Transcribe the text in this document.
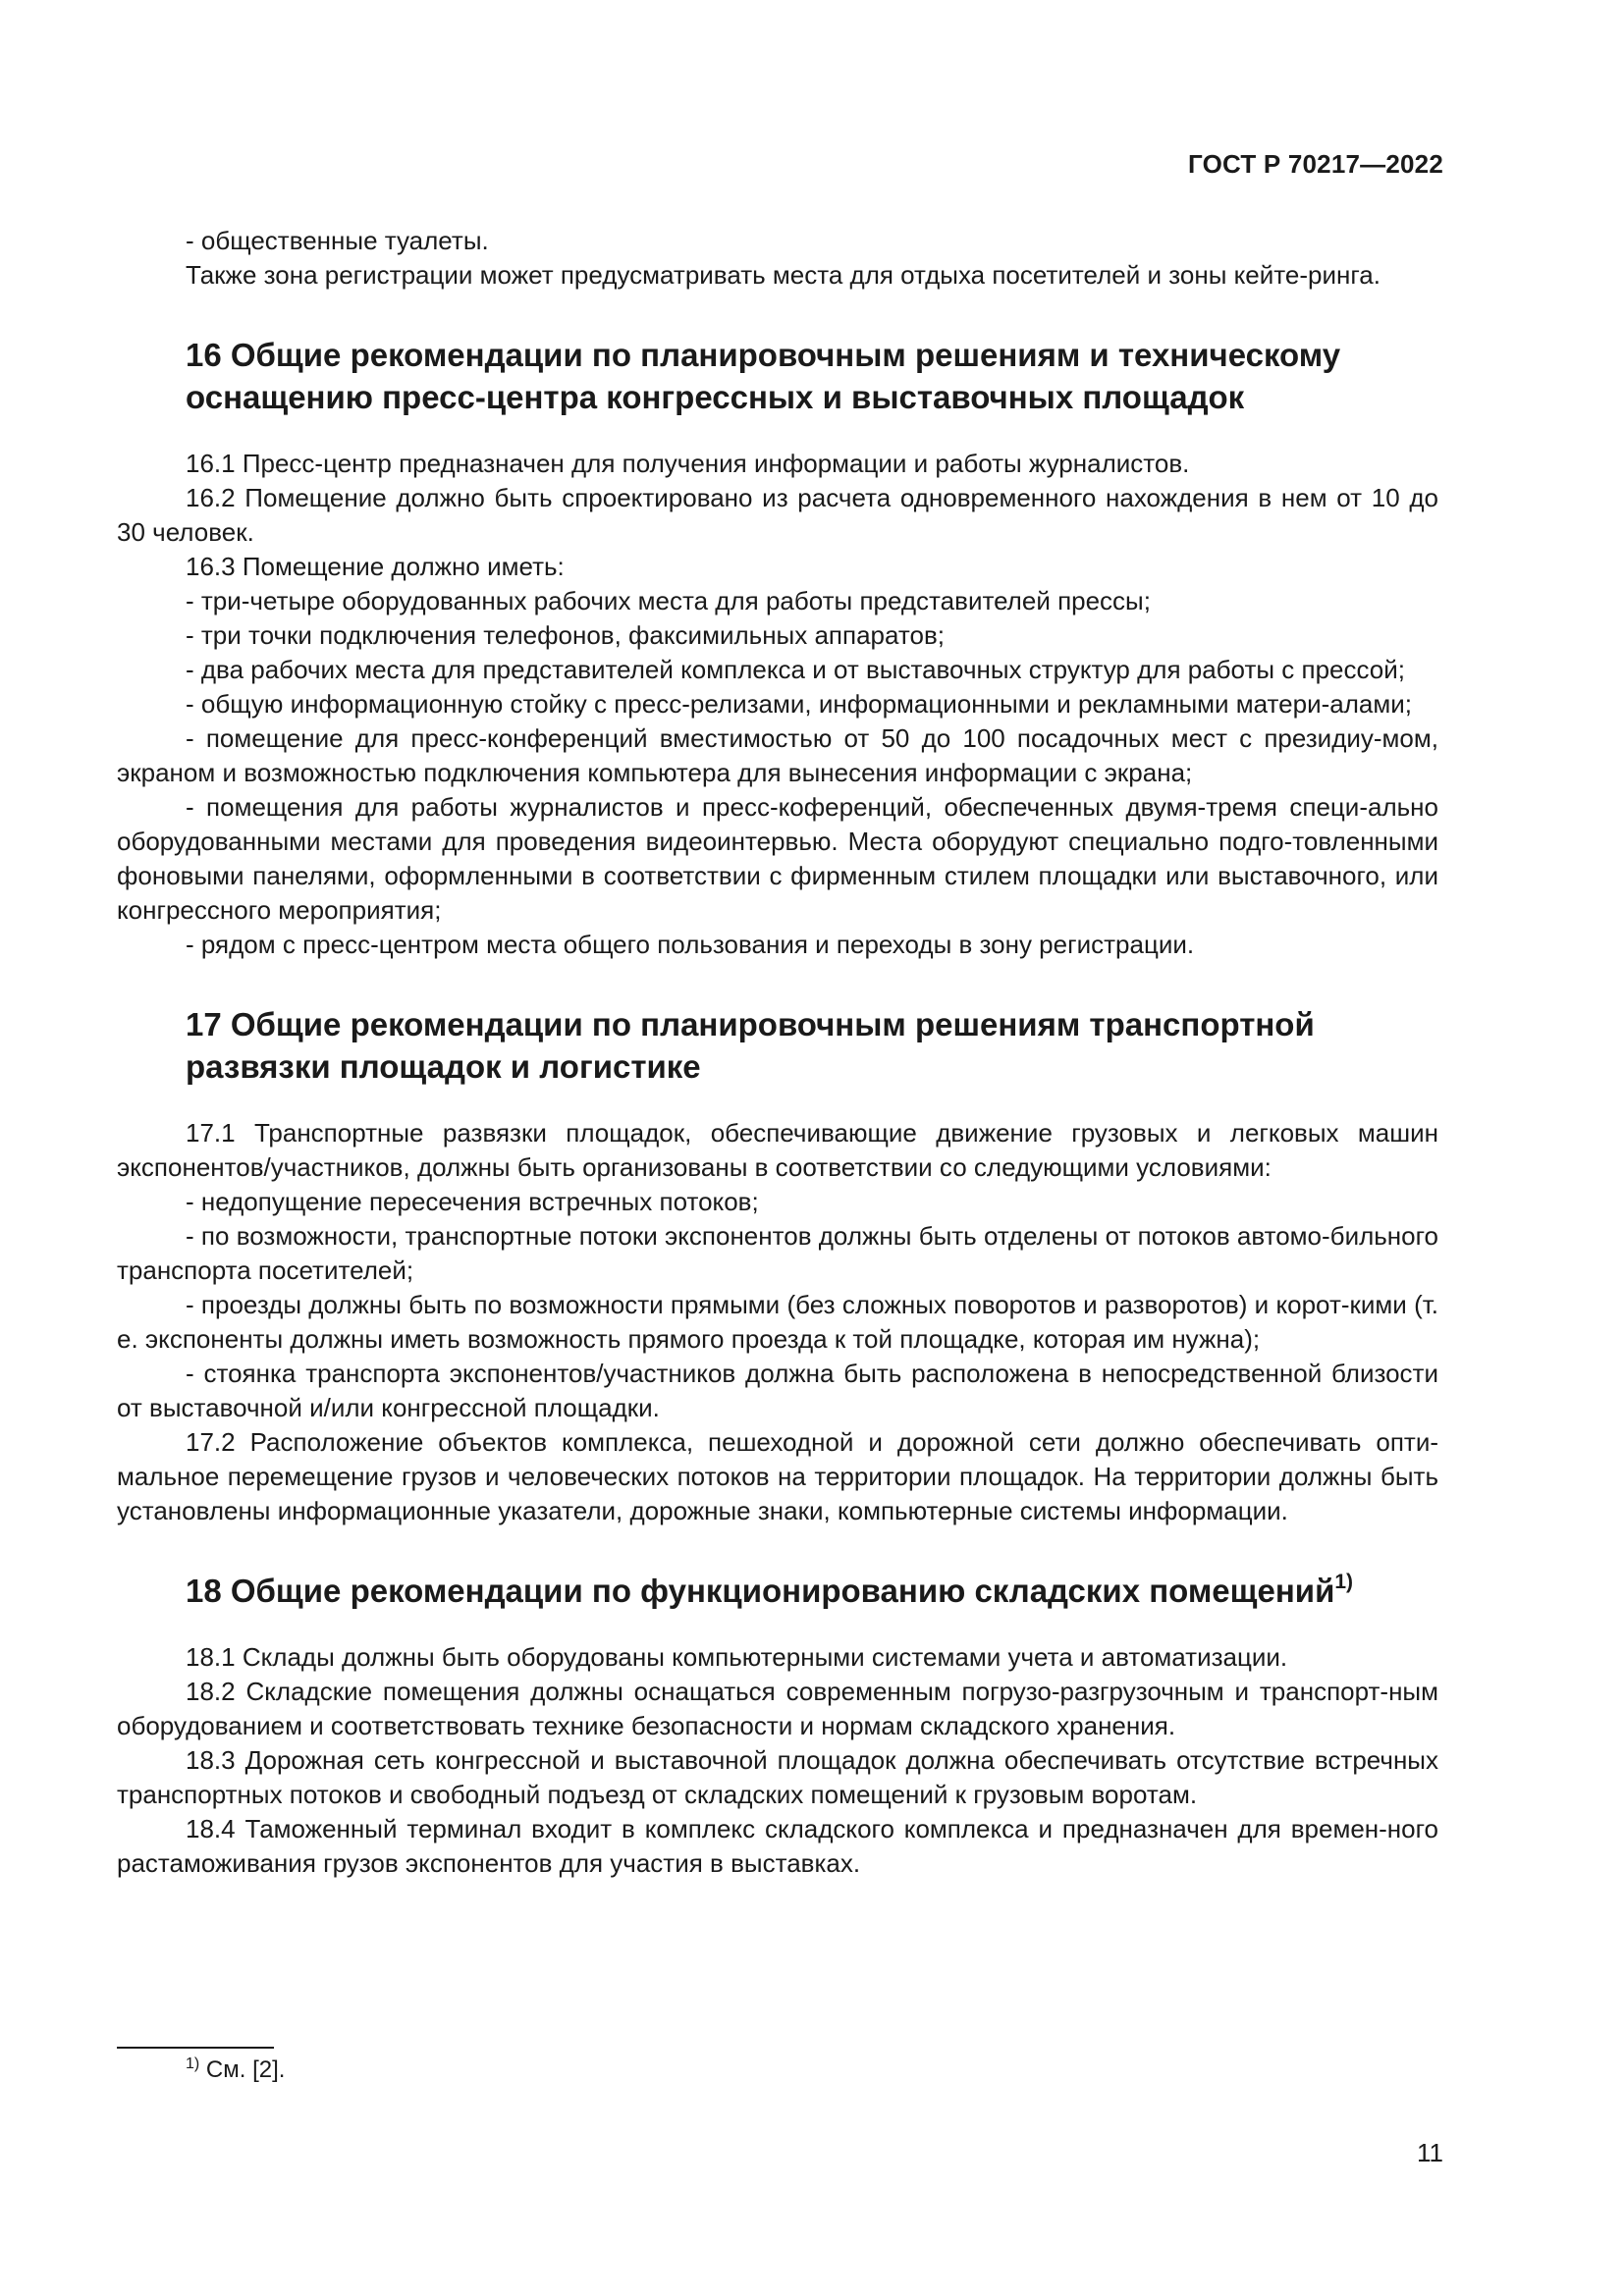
ГОСТ Р 70217—2022

- общественные туалеты.

Также зона регистрации может предусматривать места для отдыха посетителей и зоны кейте-ринга.

16 Общие рекомендации по планировочным решениям и техническому оснащению пресс-центра конгрессных и выставочных площадок

16.1 Пресс-центр предназначен для получения информации и работы журналистов.

16.2 Помещение должно быть спроектировано из расчета одновременного нахождения в нем от 10 до 30 человек.

16.3 Помещение должно иметь:

- три-четыре оборудованных рабочих места для работы представителей прессы;

- три точки подключения телефонов, факсимильных аппаратов;

- два рабочих места для представителей комплекса и от выставочных структур для работы с прессой;

- общую информационную стойку с пресс-релизами, информационными и рекламными матери-алами;

- помещение для пресс-конференций вместимостью от 50 до 100 посадочных мест с президиу-мом, экраном и возможностью подключения компьютера для вынесения информации с экрана;

- помещения для работы журналистов и пресс-коференций, обеспеченных двумя-тремя специ-ально оборудованными местами для проведения видеоинтервью. Места оборудуют специально подго-товленными фоновыми панелями, оформленными в соответствии с фирменным стилем площадки или выставочного, или конгрессного мероприятия;

- рядом с пресс-центром места общего пользования и переходы в зону регистрации.

17 Общие рекомендации по планировочным решениям транспортной развязки площадок и логистике

17.1 Транспортные развязки площадок, обеспечивающие движение грузовых и легковых машин экспонентов/участников, должны быть организованы в соответствии со следующими условиями:

- недопущение пересечения встречных потоков;

- по возможности, транспортные потоки экспонентов должны быть отделены от потоков автомо-бильного транспорта посетителей;

- проезды должны быть по возможности прямыми (без сложных поворотов и разворотов) и корот-кими (т. е. экспоненты должны иметь возможность прямого проезда к той площадке, которая им нужна);

- стоянка транспорта экспонентов/участников должна быть расположена в непосредственной близости от выставочной и/или конгрессной площадки.

17.2 Расположение объектов комплекса, пешеходной и дорожной сети должно обеспечивать опти-мальное перемещение грузов и человеческих потоков на территории площадок. На территории должны быть установлены информационные указатели, дорожные знаки, компьютерные системы информации.

18 Общие рекомендации по функционированию складских помещений$^{1)}$

18.1 Склады должны быть оборудованы компьютерными системами учета и автоматизации.

18.2 Складские помещения должны оснащаться современным погрузо-разгрузочным и транспорт-ным оборудованием и соответствовать технике безопасности и нормам складского хранения.

18.3 Дорожная сеть конгрессной и выставочной площадок должна обеспечивать отсутствие встречных транспортных потоков и свободный подъезд от складских помещений к грузовым воротам.

18.4 Таможенный терминал входит в комплекс складского комплекса и предназначен для времен-ного растаможивания грузов экспонентов для участия в выставках.

$^{1)}$ См. [2].
11
